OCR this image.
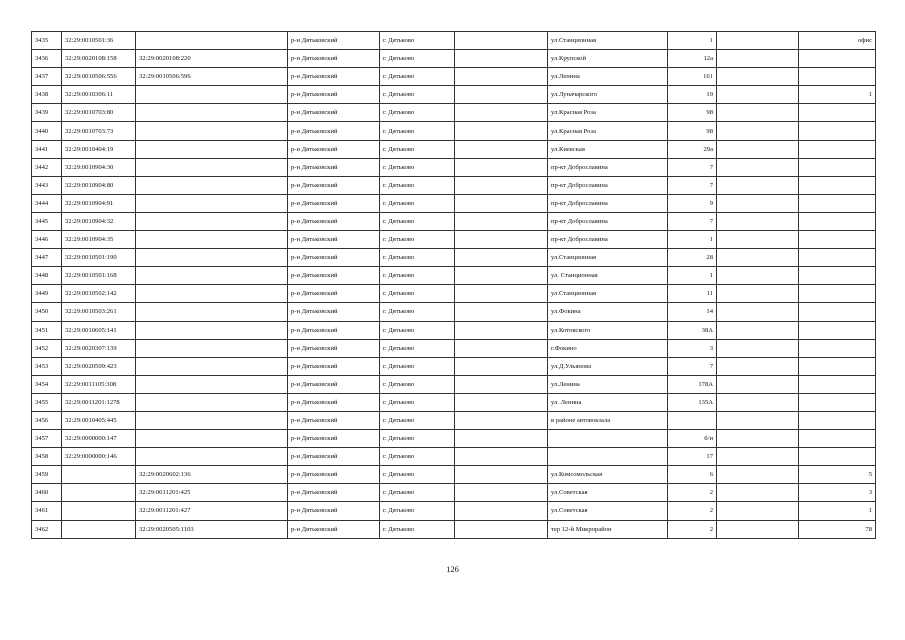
3435	32:29:0010501:36		р-н Дятьковский	г. Дятьково		ул.Станционная	1		офис
3436	32:29:0020108:158	32:29:0020108:220	р-н Дятьковский	г. Дятьково		ул.Крупской	12а		
3437	32:29:0010506:556	32:29:0010506:596	р-н Дятьковский	г. Дятьково		ул.Ленина	161		
3438	32:29:0010306:11		р-н Дятьковский	г. Дятьково		ул.Луначарского	19		1
3439	32:29:0010703:80		р-н Дятьковский	г. Дятьково		ул.Красная Роза	98		
3440	32:29:0010703:73		р-н Дятьковский	г. Дятьково		ул.Красная Роза	98		
3441	32:29:0010404:19		р-н Дятьковский	г. Дятьково		ул.Киевская	29а		
3442	32:29:0010904:30		р-н Дятьковский	г. Дятьково		пр-кт Доброславина	7		
3443	32:29:0010904:80		р-н Дятьковский	г. Дятьково		пр-кт Доброславина	7		
3444	32:29:0010904:91		р-н Дятьковский	г. Дятьково		пр-кт Доброславина	9		
3445	32:29:0010904:32		р-н Дятьковский	г. Дятьково		пр-кт Доброславина	7		
3446	32:29:0010904:35		р-н Дятьковский	г. Дятьково		пр-кт Доброславина	1		
3447	32:29:0010501:190		р-н Дятьковский	г. Дятьково		ул.Станционная	28		
3448	32:29:0010501:168		р-н Дятьковский	г. Дятьково		ул. Станционная	1		
3449	32:29:0010502:142		р-н Дятьковский	г. Дятьково		ул.Станционная	11		
3450	32:29:0010503:261		р-н Дятьковский	г. Дятьково		ул.Фокина	14		
3451	32:29:0010605:141		р-н Дятьковский	г. Дятьково		ул.Котовского	38А		
3452	32:29:0020307:139		р-н Дятьковский	г. Дятьково		г.Фокино	3		
3453	32:29:0020509:423		р-н Дятьковский	г. Дятьково		ул.Д.Ульянова	7		
3454	32:29:0011105:308		р-н Дятьковский	г. Дятьково		ул.Ленина	178А		
3455	32:29:0011201:1278		р-н Дятьковский	г. Дятьково		ул. Ленина	135А		
3456	32:29:0010405:445		р-н Дятьковский	г. Дятьково		в районе автовокзала			
3457	32:29:0000000:147		р-н Дятьковский	г. Дятьково			б/н		
3458	32:29:0000000:146		р-н Дятьковский	г. Дятьково			17		
3459		32:29:0020602:136	р-н Дятьковский	г. Дятьково		ул.Комсомольская	6		5
3460		32:29:0011201:425	р-н Дятьковский	г. Дятьково		ул.Советская	2		3
3461		32:29:0011201:427	р-н Дятьковский	г. Дятьково		ул.Советская	2		1
3462		32:29:0020505:1103	р-н Дятьковский	г. Дятьково		тер 12-й Микрорайон	2		78
126
